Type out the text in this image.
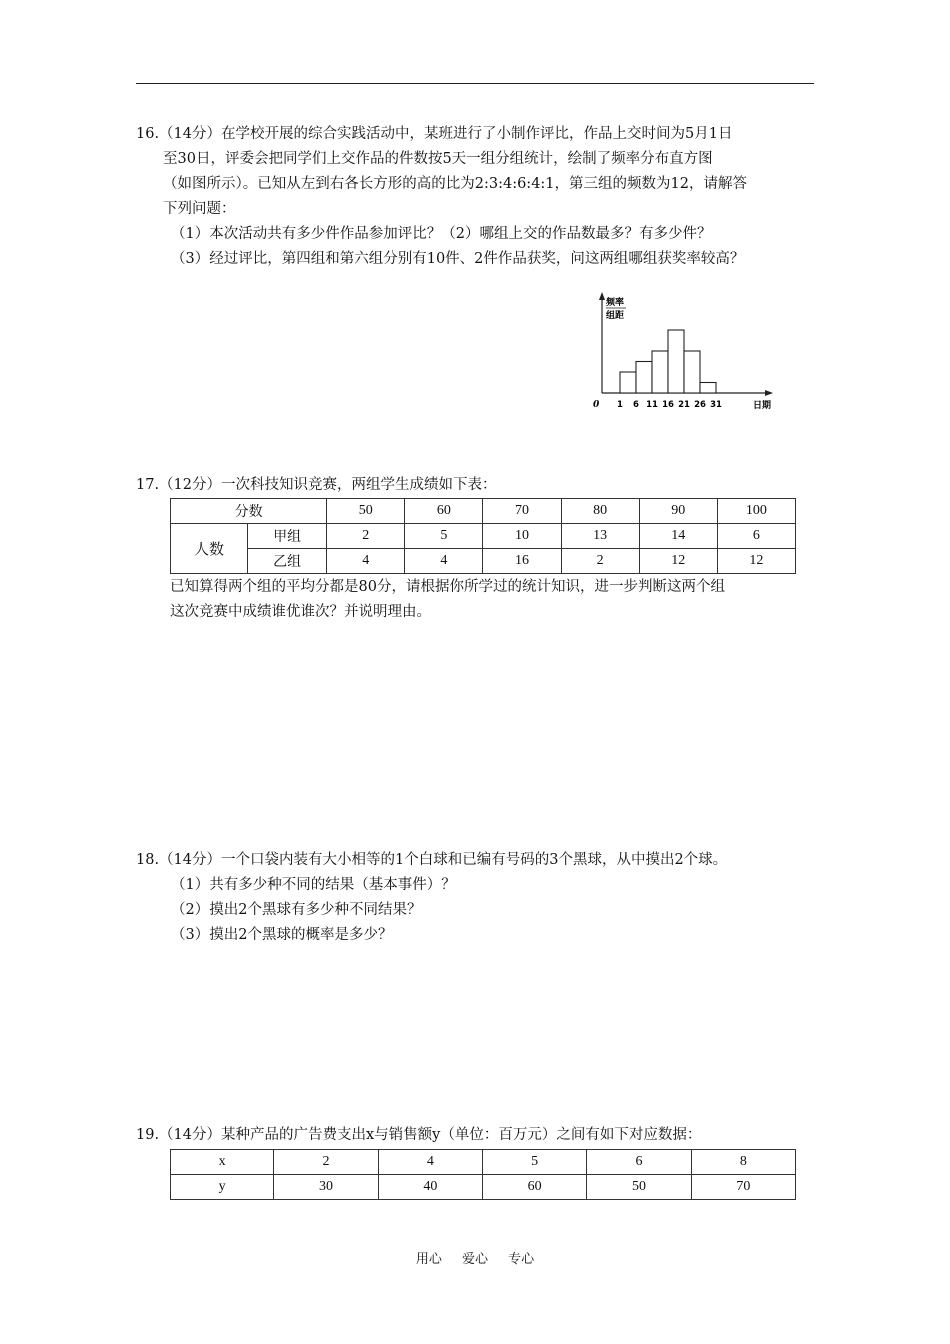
16.（14分）在学校开展的综合实践活动中，某班进行了小制作评比，作品上交时间为5月1日
至30日，评委会把同学们上交作品的件数按5天一组分组统计，绘制了频率分布直方图
（如图所示）。已知从左到右各长方形的高的比为2:3:4:6:4:1，第三组的频数为12，请解答
下列问题：
（1）本次活动共有多少件作品参加评比？（2）哪组上交的作品数最多？有多少件？
（3）经过评比，第四组和第六组分别有10件、2件作品获奖，问这两组哪组获奖率较高？
频率
组距
0	日期
1 6 11 16 21 26 31
17.（12分）一次科技知识竞赛，两组学生成绩如下表：
分数		50	60	70	80	90	100
人数	甲组	2	5	10	13	14	6
	乙组	4	4	16	2	12	12
已知算得两个组的平均分都是80分，请根据你所学过的统计知识，进一步判断这两个组
这次竞赛中成绩谁优谁次？并说明理由。
18.（14分）一个口袋内装有大小相等的1个白球和已编有号码的3个黑球，从中摸出2个球。
（1）共有多少种不同的结果（基本事件）？
（2）摸出2个黑球有多少种不同结果？
（3）摸出2个黑球的概率是多少？
19.（14分）某种产品的广告费支出x与销售额y（单位：百万元）之间有如下对应数据：
x	2	4	5	6	8
y	30	40	60	50	70
用心 爱心 专心
